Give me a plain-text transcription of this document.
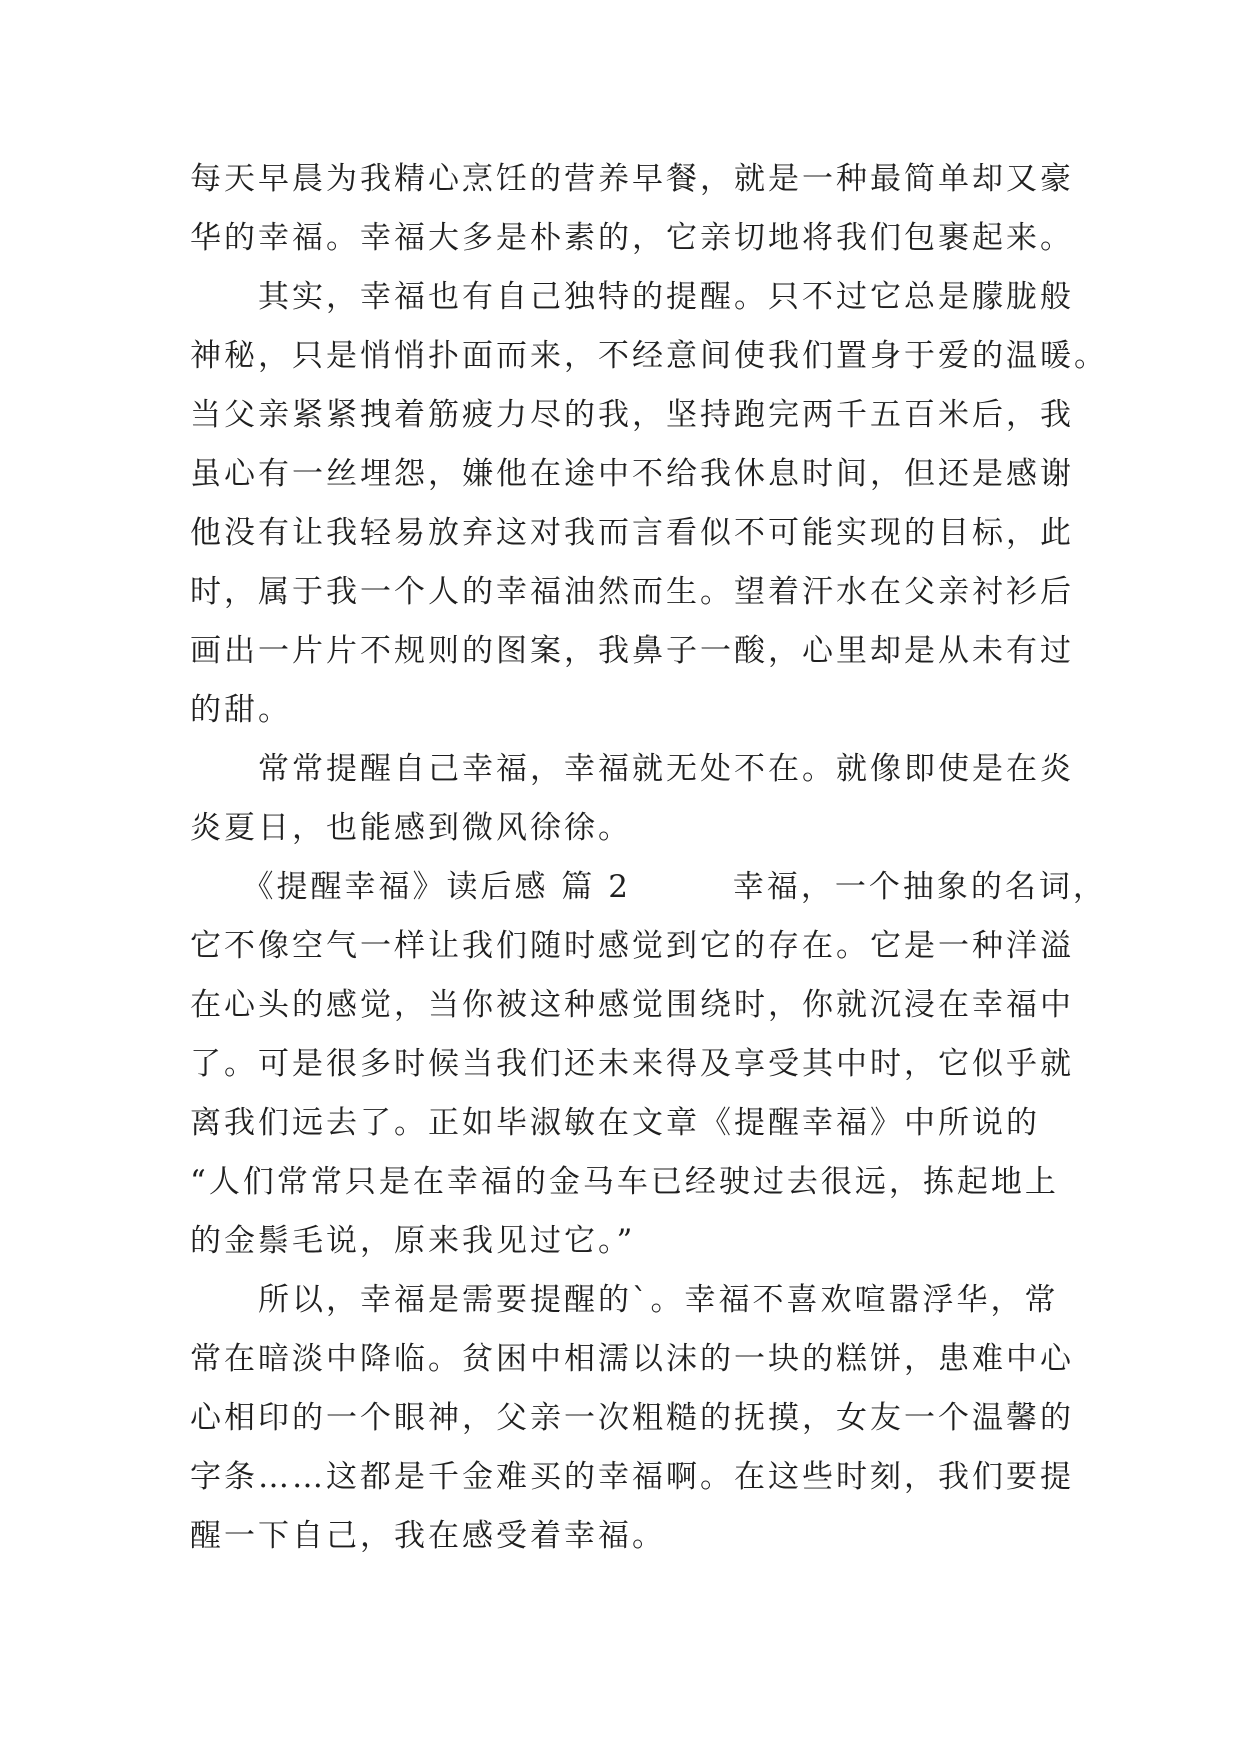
每天早晨为我精心烹饪的营养早餐，就是一种最简单却又豪
华的幸福。幸福大多是朴素的，它亲切地将我们包裹起来。
　　其实，幸福也有自己独特的提醒。只不过它总是朦胧般
神秘，只是悄悄扑面而来，不经意间使我们置身于爱的温暖。
当父亲紧紧拽着筋疲力尽的我，坚持跑完两千五百米后，我
虽心有一丝埋怨，嫌他在途中不给我休息时间，但还是感谢
他没有让我轻易放弃这对我而言看似不可能实现的目标，此
时，属于我一个人的幸福油然而生。望着汗水在父亲衬衫后
画出一片片不规则的图案，我鼻子一酸，心里却是从未有过
的甜。
　　常常提醒自己幸福，幸福就无处不在。就像即使是在炎
炎夏日，也能感到微风徐徐。
　　《提醒幸福》读后感 篇 2　　　幸福，一个抽象的名词，
它不像空气一样让我们随时感觉到它的存在。它是一种洋溢
在心头的感觉，当你被这种感觉围绕时，你就沉浸在幸福中
了。可是很多时候当我们还未来得及享受其中时，它似乎就
离我们远去了。正如毕淑敏在文章《提醒幸福》中所说的
“人们常常只是在幸福的金马车已经驶过去很远，拣起地上
的金鬃毛说，原来我见过它。”
　　所以，幸福是需要提醒的`。幸福不喜欢喧嚣浮华，常
常在暗淡中降临。贫困中相濡以沫的一块的糕饼，患难中心
心相印的一个眼神，父亲一次粗糙的抚摸，女友一个温馨的
字条……这都是千金难买的幸福啊。在这些时刻，我们要提
醒一下自己，我在感受着幸福。
